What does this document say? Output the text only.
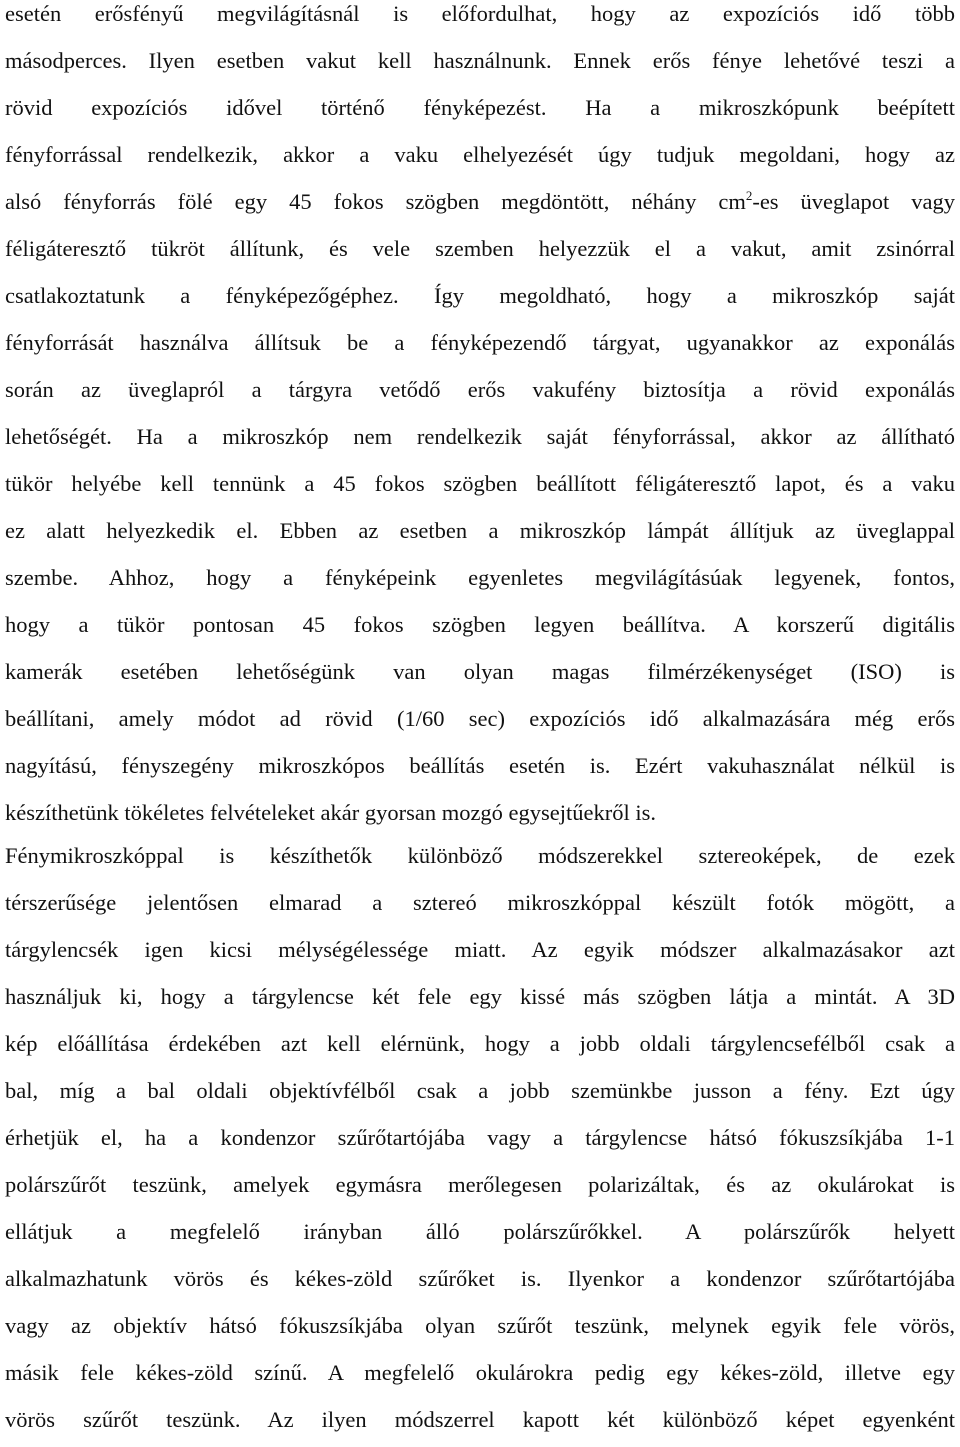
esetén erősfényű megvilágításnál is előfordulhat, hogy az expozíciós idő több
másodperces. Ilyen esetben vakut kell használnunk. Ennek erős fénye lehetővé teszi a
rövid expozíciós idővel történő fényképezést. Ha a mikroszkópunk beépített
fényforrással rendelkezik, akkor a vaku elhelyezését úgy tudjuk megoldani, hogy az
alsó fényforrás fölé egy 45 fokos szögben megdöntött, néhány $cm^2-es$ üveglapot vagy
féligáteresztő tükröt állítunk, és vele szemben helyezzük el a vakut, amit zsinórral
csatlakoztatunk a fényképezőgéphez. Így megoldható, hogy a mikroszkóp saját
fényforrását használva állítsuk be a fényképezendő tárgyat, ugyanakkor az exponálás
során az üveglapról a tárgyra vetődő erős vakufény biztosítja a rövid exponálás
lehetőségét. Ha a mikroszkóp nem rendelkezik saját fényforrással, akkor az állítható
tükör helyébe kell tennünk a 45 fokos szögben beállított féligáteresztő lapot, és a vaku
ez alatt helyezkedik el. Ebben az esetben a mikroszkóp lámpát állítjuk az üveglappal
szembe. Ahhoz, hogy a fényképeink egyenletes megvilágításúak legyenek, fontos,
hogy a tükör pontosan 45 fokos szögben legyen beállítva. A korszerű digitális
kamerák esetében lehetőségünk van olyan magas filmérzékenységet (ISO) is
beállítani, amely módot ad rövid (1/60 sec) expozíciós idő alkalmazására még erős
nagyítású, fényszegény mikroszkópos beállítás esetén is. Ezért vakuhasználat nélkül is
készíthetünk tökéletes felvételeket akár gyorsan mozgó egysejtűekről is.
Fénymikroszkóppal is készíthetők különböző módszerekkel sztereoképek, de ezek
térszerűsége jelentősen elmarad a sztereó mikroszkóppal készült fotók mögött, a
tárgylencsék igen kicsi mélységélessége miatt. Az egyik módszer alkalmazásakor azt
használjuk ki, hogy a tárgylencse két fele egy kissé más szögben látja a mintát. A 3D
kép előállítása érdekében azt kell elérnünk, hogy a jobb oldali tárgylencsefélből csak a
bal, míg a bal oldali objektívfélből csak a jobb szemünkbe jusson a fény. Ezt úgy
érhetjük el, ha a kondenzor szűrőtartójába vagy a tárgylencse hátsó fókuszsíkjába 1-1
polárszűrőt teszünk, amelyek egymásra merőlegesen polarizáltak, és az okulárokat is
ellátjuk a megfelelő irányban álló polárszűrőkkel. A polárszűrők helyett
alkalmazhatunk vörös és kékes-zöld szűrőket is. Ilyenkor a kondenzor szűrőtartójába
vagy az objektív hátsó fókuszsíkjába olyan szűrőt teszünk, melynek egyik fele vörös,
másik fele kékes-zöld színű. A megfelelő okulárokra pedig egy kékes-zöld, illetve egy
vörös szűrőt teszünk. Az ilyen módszerrel kapott két különböző képet egyenként
